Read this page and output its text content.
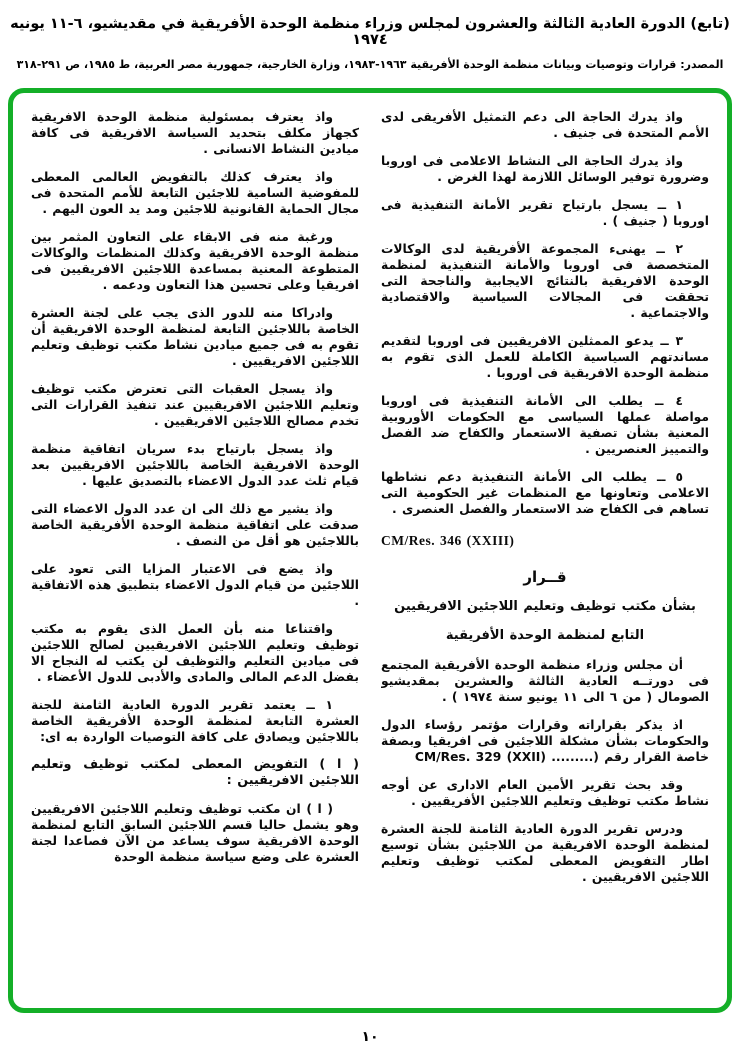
(تابع) الدورة العادية الثالثة والعشرون لمجلس وزراء منظمة الوحدة الأفريقية في مقديشيو، ٦-١١ يونيه ١٩٧٤
المصدر: قرارات وتوصيات وبيانات منظمة الوحدة الأفريقية ١٩٦٣-١٩٨٣، وزارة الخارجية، جمهورية مصر العربية، ط ١٩٨٥، ص ٢٩١-٣١٨

واذ يدرك الحاجة الى دعم التمثيل الأفريقى لدى الأمم المتحدة فى جنيف .

واذ يدرك الحاجة الى النشاط الاعلامى فى اوروبا وضرورة توفير الوسائل اللازمة لهذا الغرض .

١ ــ يسجل بارتياح تقرير الأمانة التنفيذية فى اوروبا ( جنيف ) .

٢ ــ يهنىء المجموعة الأفريقية لدى الوكالات المتخصصة فى اوروبا والأمانة التنفيذية لمنظمة الوحدة الافريقية بالنتائج الايجابية والناجحة التى تحققت فى المجالات السياسية والاقتصادية والاجتماعية .

٣ ــ يدعو الممثلين الافريقيين فى اوروبا لتقديم مساندتهم السياسية الكاملة للعمل الذى تقوم به منظمة الوحدة الافريقية فى اوروبا .

٤ ــ يطلب الى الأمانة التنفيذية فى اوروبا مواصلة عملها السياسى مع الحكومات الأوروبية المعنية بشأن تصفية الاستعمار والكفاح ضد الفصل والتمييز العنصريين .

٥ ــ يطلب الى الأمانة التنفيذية دعم نشاطها الاعلامى وتعاونها مع المنظمات غير الحكومية التى تساهم فى الكفاح ضد الاستعمار والفصل العنصرى .

CM/Res. 346 (XXIII)

قــرار

بشأن مكتب توظيف وتعليم اللاجئين الافريقيين

التابع لمنظمة الوحدة الأفريقية

أن مجلس وزراء منظمة الوحدة الأفريقية المجتمع فى دورتــه العادية الثالثة والعشرين بمقديشيو الصومال ( من ٦ الى ١١ يونيو سنة ١٩٧٤ ) .

اذ يذكر بقراراته وقرارات مؤتمر رؤساء الدول والحكومات بشأن مشكلة اللاجئين فى افريقيا وبصفة خاصة القرار رقم (......... CM/Res. 329 (XXII)

وقد بحث تقرير الأمين العام الادارى عن أوجه نشاط مكتب توظيف وتعليم اللاجئين الأفريقيين .

ودرس تقرير الدورة العادية الثامنة للجنة العشرة لمنظمة الوحدة الافريقية من اللاجئين بشأن توسيع اطار التفويض المعطى لمكتب توظيف وتعليم اللاجئين الافريقيين .

واذ يعترف بمسئولية منظمة الوحدة الافريقية كجهاز مكلف بتحديد السياسة الافريقية فى كافة ميادين النشاط الانسانى .

واذ يعترف كذلك بالتفويض العالمى المعطى للمفوضية السامية للاجئين التابعة للأمم المتحدة فى مجال الحماية القانونية للاجئين ومد يد العون اليهم .

ورغبة منه فى الابقاء على التعاون المثمر بين منظمة الوحدة الافريقية وكذلك المنظمات والوكالات المتطوعة المعنية بمساعدة اللاجئين الافريقيين فى افريقيا وعلى تحسين هذا التعاون ودعمه .

وادراكا منه للدور الذى يجب على لجنة العشرة الخاصة باللاجئين التابعة لمنظمة الوحدة الافريقية أن تقوم به فى جميع ميادين نشاط مكتب توظيف وتعليم اللاجئين الافريقيين .

واذ يسجل العقبات التى تعترض مكتب توظيف وتعليم اللاجئين الافريقيين عند تنفيذ القرارات التى تخدم مصالح اللاجئين الافريقيين .

واذ يسجل بارتياح بدء سريان اتفاقية منظمة الوحدة الافريقية الخاصة باللاجئين الافريقيين بعد قيام ثلث عدد الدول الاعضاء بالتصديق عليها .

واذ يشير مع ذلك الى ان عدد الدول الاعضاء التى صدقت على اتفاقية منظمة الوحدة الأفريقية الخاصة باللاجئين هو أقل من النصف .

واذ يضع فى الاعتبار المزايا التى تعود على اللاجئين من قيام الدول الاعضاء بتطبيق هذه الاتفاقية .

واقتناعا منه بأن العمل الذى يقوم به مكتب توظيف وتعليم اللاجئين الافريقيين لصالح اللاجئين فى ميادين التعليم والتوظيف لن يكتب له النجاح الا بفضل الدعم المالى والمادى والأدبى للدول الأعضاء .

١ ــ يعتمد تقرير الدورة العادية الثامنة للجنة العشرة التابعة لمنظمة الوحدة الأفريقية الخاصة باللاجئين ويصادق على كافة التوصيات الواردة به اى:

( ا ) التفويض المعطى لمكتب توظيف وتعليم اللاجئين الافريقيين :

( ا ) ان مكتب توظيف وتعليم اللاجئين الافريقيين وهو يشمل حاليا قسم اللاجئين السابق التابع لمنظمة الوحدة الافريقية سوف يساعد من الآن فصاعدا لجنة العشرة على وضع سياسة منظمة الوحدة

١٠
